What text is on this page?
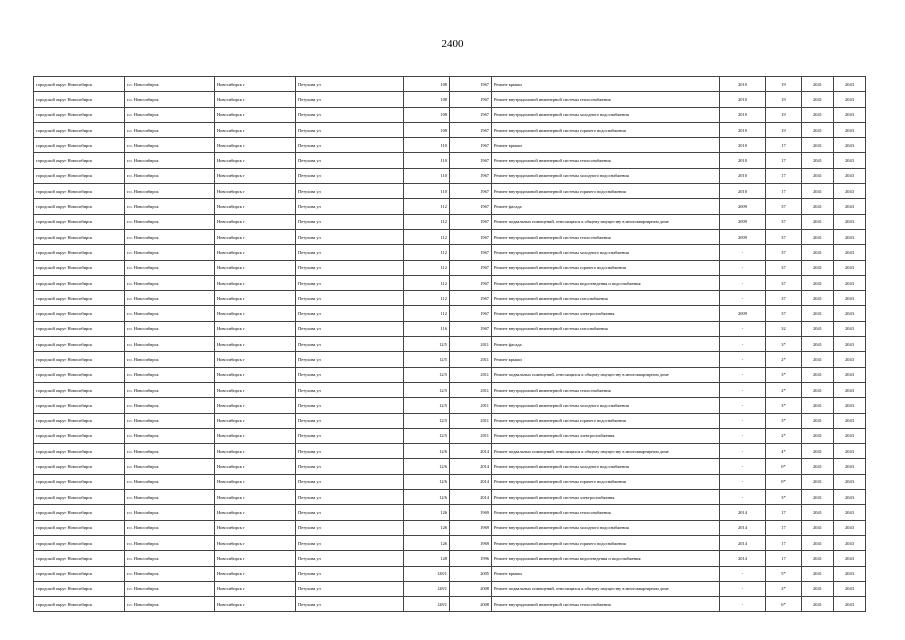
2400
городской округ Новосибирск	г.о. Новосибирск	Новосибирск г	Петухова ул	108	1967	Ремонт крыши	2010	19	2041	2043
городской округ Новосибирск	г.о. Новосибирск	Новосибирск г	Петухова ул	108	1967	Ремонт внутридомовой инженерной системы теплоснабжения	2010	19	2041	2043
городской округ Новосибирск	г.о. Новосибирск	Новосибирск г	Петухова ул	108	1967	Ремонт внутридомовой инженерной системы холодного водоснабжения	2010	19	2041	2043
городской округ Новосибирск	г.о. Новосибирск	Новосибирск г	Петухова ул	108	1967	Ремонт внутридомовой инженерной системы горячего водоснабжения	2010	19	2041	2043
городской округ Новосибирск	г.о. Новосибирск	Новосибирск г	Петухова ул	110	1967	Ремонт крыши	2010	17	2041	2043
городской округ Новосибирск	г.о. Новосибирск	Новосибирск г	Петухова ул	110	1967	Ремонт внутридомовой инженерной системы теплоснабжения	2010	17	2041	2043
городской округ Новосибирск	г.о. Новосибирск	Новосибирск г	Петухова ул	110	1967	Ремонт внутридомовой инженерной системы холодного водоснабжения	2010	17	2041	2043
городской округ Новосибирск	г.о. Новосибирск	Новосибирск г	Петухова ул	110	1967	Ремонт внутридомовой инженерной системы горячего водоснабжения	2010	17	2041	2043
городской округ Новосибирск	г.о. Новосибирск	Новосибирск г	Петухова ул	112	1967	Ремонт фасада	2009	37	2041	2043
городской округ Новосибирск	г.о. Новосибирск	Новосибирск г	Петухова ул	112	1967	Ремонт подвальных помещений, относящихся к общему имуществу в многоквартирном доме	2009	37	2041	2043
городской округ Новосибирск	г.о. Новосибирск	Новосибирск г	Петухова ул	112	1967	Ремонт внутридомовой инженерной системы теплоснабжения	2009	37	2041	2043
городской округ Новосибирск	г.о. Новосибирск	Новосибирск г	Петухова ул	112	1967	Ремонт внутридомовой инженерной системы холодного водоснабжения	-	37	2041	2043
городской округ Новосибирск	г.о. Новосибирск	Новосибирск г	Петухова ул	112	1967	Ремонт внутридомовой инженерной системы горячего водоснабжения	-	37	2041	2043
городской округ Новосибирск	г.о. Новосибирск	Новосибирск г	Петухова ул	112	1967	Ремонт внутридомовой инженерной системы водоотведения и водоснабжения	-	37	2041	2043
городской округ Новосибирск	г.о. Новосибирск	Новосибирск г	Петухова ул	112	1967	Ремонт внутридомовой инженерной системы газоснабжения	-	37	2041	2043
городской округ Новосибирск	г.о. Новосибирск	Новосибирск г	Петухова ул	112	1967	Ремонт внутридомовой инженерной системы электроснабжения	2009	37	2041	2043
городской округ Новосибирск	г.о. Новосибирск	Новосибирск г	Петухова ул	116	1967	Ремонт внутридомовой инженерной системы газоснабжения	-	32	2041	2043
городской округ Новосибирск	г.о. Новосибирск	Новосибирск г	Петухова ул	12/5	2011	Ремонт фасада	-	3*	2041	2043
городской округ Новосибирск	г.о. Новосибирск	Новосибирск г	Петухова ул	12/5	2011	Ремонт крыши	-	2*	2041	2043
городской округ Новосибирск	г.о. Новосибирск	Новосибирск г	Петухова ул	12/5	2011	Ремонт подвальных помещений, относящихся к общему имуществу в многоквартирном доме	-	3*	2041	2043
городской округ Новосибирск	г.о. Новосибирск	Новосибирск г	Петухова ул	12/5	2011	Ремонт внутридомовой инженерной системы теплоснабжения	-	2*	2041	2043
городской округ Новосибирск	г.о. Новосибирск	Новосибирск г	Петухова ул	12/5	2011	Ремонт внутридомовой инженерной системы холодного водоснабжения	-	3*	2041	2043
городской округ Новосибирск	г.о. Новосибирск	Новосибирск г	Петухова ул	12/5	2011	Ремонт внутридомовой инженерной системы горячего водоснабжения	-	3*	2041	2043
городской округ Новосибирск	г.о. Новосибирск	Новосибирск г	Петухова ул	12/5	2011	Ремонт внутридомовой инженерной системы электроснабжения	-	2*	2041	2043
городской округ Новосибирск	г.о. Новосибирск	Новосибирск г	Петухова ул	12/6	2014	Ремонт подвальных помещений, относящихся к общему имуществу в многоквартирном доме	-	4*	2041	2043
городской округ Новосибирск	г.о. Новосибирск	Новосибирск г	Петухова ул	12/6	2014	Ремонт внутридомовой инженерной системы холодного водоснабжения	-	0*	2041	2043
городской округ Новосибирск	г.о. Новосибирск	Новосибирск г	Петухова ул	12/6	2014	Ремонт внутридомовой инженерной системы горячего водоснабжения	-	0*	2041	2043
городской округ Новосибирск	г.о. Новосибирск	Новосибирск г	Петухова ул	12/6	2014	Ремонт внутридомовой инженерной системы электроснабжения	-	3*	2041	2043
городской округ Новосибирск	г.о. Новосибирск	Новосибирск г	Петухова ул	126	1969	Ремонт внутридомовой инженерной системы теплоснабжения	2014	17	2041	2043
городской округ Новосибирск	г.о. Новосибирск	Новосибирск г	Петухова ул	126	1969	Ремонт внутридомовой инженерной системы холодного водоснабжения	2014	17	2041	2043
городской округ Новосибирск	г.о. Новосибирск	Новосибирск г	Петухова ул	126	1969	Ремонт внутридомовой инженерной системы горячего водоснабжения	2014	17	2041	2043
городской округ Новосибирск	г.о. Новосибирск	Новосибирск г	Петухова ул	128	1996	Ремонт внутридомовой инженерной системы водоотведения и водоснабжения	2014	17	2041	2043
городской округ Новосибирск	г.о. Новосибирск	Новосибирск г	Петухова ул	128/1	2005	Ремонт крыши	-	5*	2041	2043
городской округ Новосибирск	г.о. Новосибирск	Новосибирск г	Петухова ул	128/1	2008	Ремонт подвальных помещений, относящихся к общему имуществу в многоквартирном доме	-	2*	2041	2043
городской округ Новосибирск	г.о. Новосибирск	Новосибирск г	Петухова ул	128/1	2008	Ремонт внутридомовой инженерной системы теплоснабжения	-	6*	2041	2043
